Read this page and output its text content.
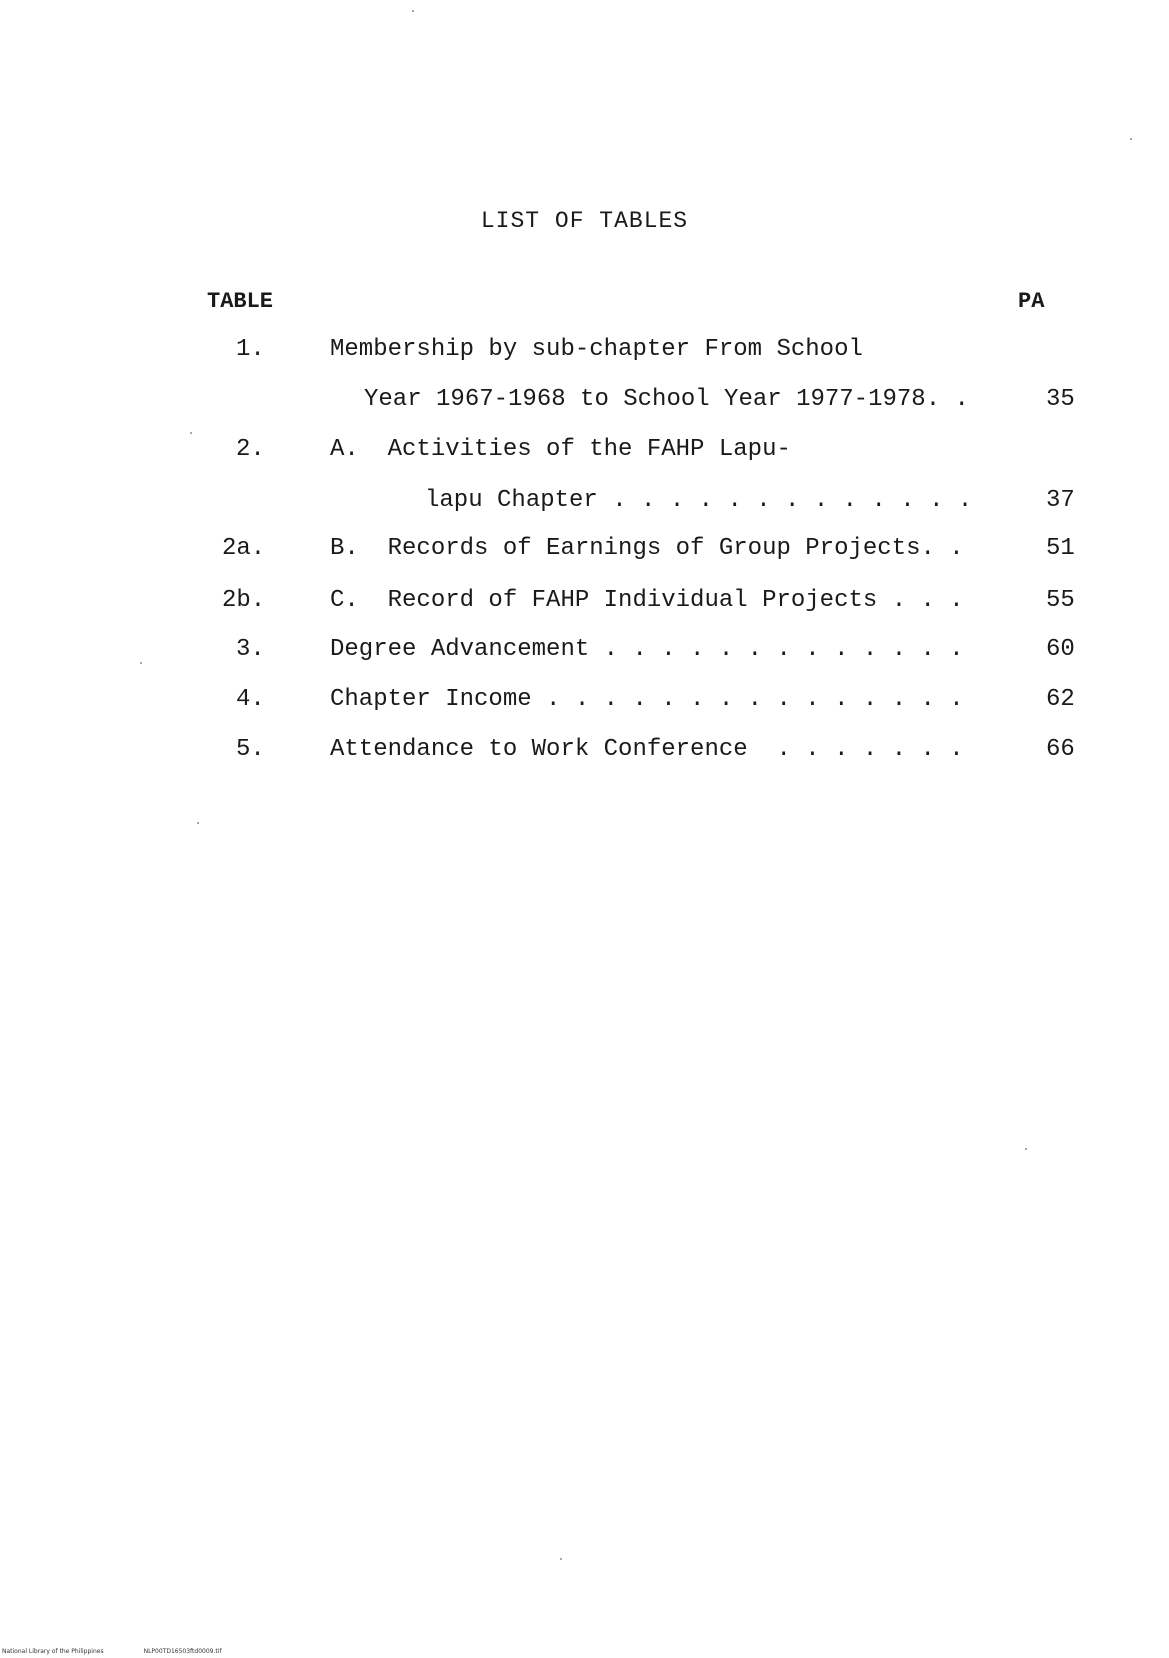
LIST OF TABLES
TABLE	PA
1.	Membership by sub-chapter From School
Year 1967-1968 to School Year 1977-1978. .	35
2.	A.  Activities of the FAHP Lapu-
lapu Chapter . . . . . . . . . . . . .	37
2a.	B.  Records of Earnings of Group Projects. .	51
2b.	C.  Record of FAHP Individual Projects . . .	55
3.	Degree Advancement . . . . . . . . . . . . .	60
4.	Chapter Income . . . . . . . . . . . . . . .	62
5.	Attendance to Work Conference  . . . . . . .	66
National Library of the Philippines	NLP00TD16503ftd0009.tif
